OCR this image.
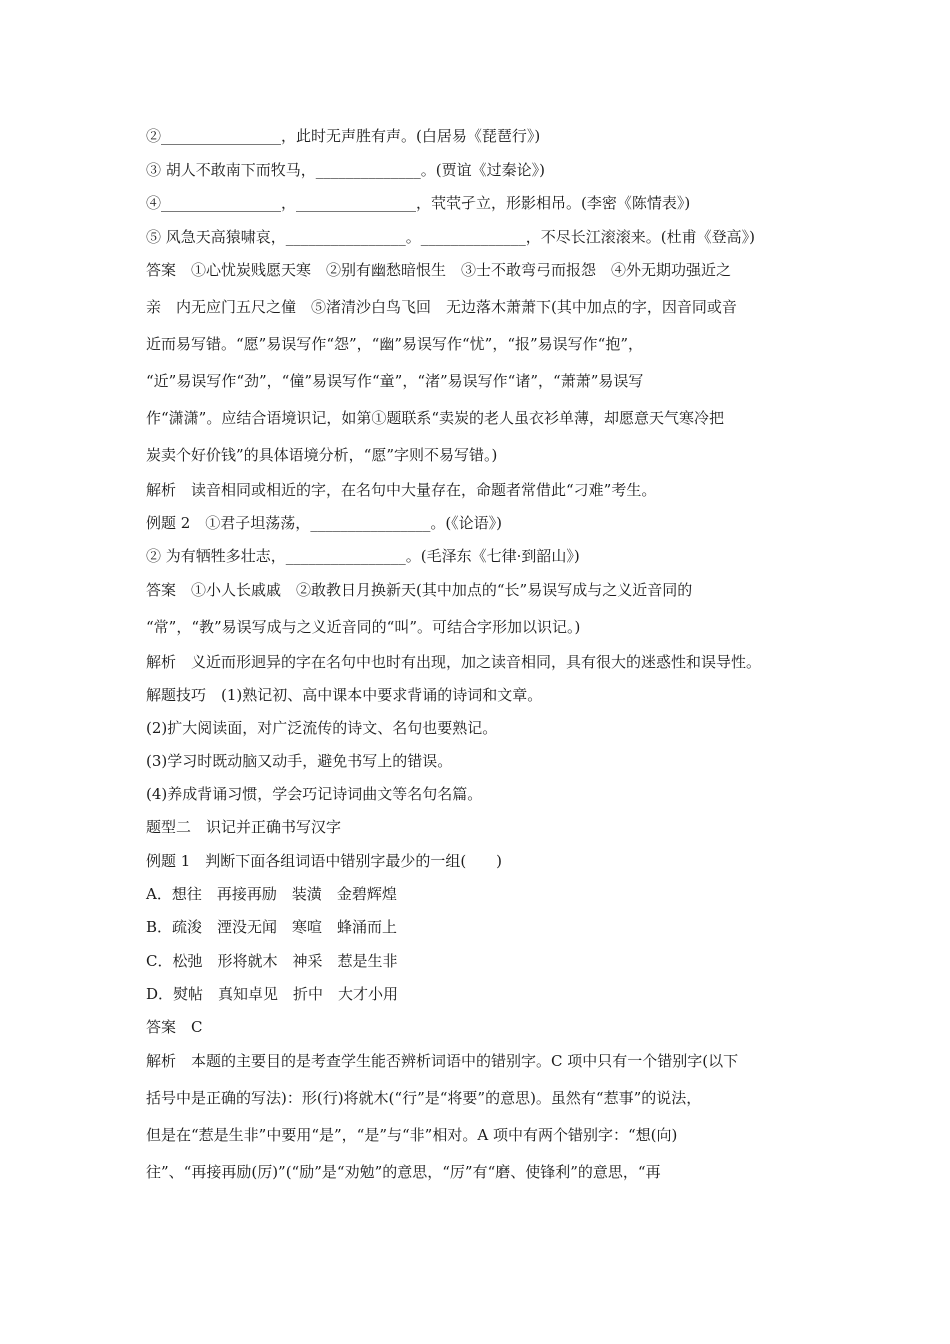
②________________，此时无声胜有声。(白居易《琵琶行》)
③ 胡人不敢南下而牧马，______________。(贾谊《过秦论》)
④________________，________________，茕茕孑立，形影相吊。(李密《陈情表》)
⑤ 风急天高猿啸哀，________________。______________，不尽长江滚滚来。(杜甫《登高》)
答案　①心忧炭贱愿天寒　②别有幽愁暗恨生　③士不敢弯弓而报怨　④外无期功强近之
亲　内无应门五尺之僮　⑤渚清沙白鸟飞回　无边落木萧萧下(其中加点的字，因音同或音
近而易写错。“愿”易误写作“怨”，“幽”易误写作“忧”，“报”易误写作“抱”，
“近”易误写作“劲”，“僮”易误写作“童”，“渚”易误写作“诸”，“萧萧”易误写
作“潇潇”。应结合语境识记，如第①题联系“卖炭的老人虽衣衫单薄，却愿意天气寒冷把
炭卖个好价钱”的具体语境分析，“愿”字则不易写错。)
解析　读音相同或相近的字，在名句中大量存在，命题者常借此“刁难”考生。
例题 2　①君子坦荡荡，________________。(《论语》)
② 为有牺牲多壮志，________________。(毛泽东《七律·到韶山》)
答案　①小人长戚戚　②敢教日月换新天(其中加点的“长”易误写成与之义近音同的
“常”，“教”易误写成与之义近音同的“叫”。可结合字形加以识记。)
解析　义近而形迥异的字在名句中也时有出现，加之读音相同，具有很大的迷惑性和误导性。
解题技巧　(1)熟记初、高中课本中要求背诵的诗词和文章。
(2)扩大阅读面，对广泛流传的诗文、名句也要熟记。
(3)学习时既动脑又动手，避免书写上的错误。
(4)养成背诵习惯，学会巧记诗词曲文等名句名篇。
题型二　识记并正确书写汉字
例题 1　判断下面各组词语中错别字最少的一组(　　)
A．想往　再接再励　装潢　金碧辉煌
B．疏浚　湮没无闻　寒喧　蜂涌而上
C．松弛　形将就木　神采　惹是生非
D．熨帖　真知卓见　折中　大才小用
答案　C
解析　本题的主要目的是考查学生能否辨析词语中的错别字。C 项中只有一个错别字(以下
括号中是正确的写法)：形(行)将就木(“行”是“将要”的意思)。虽然有“惹事”的说法，
但是在“惹是生非”中要用“是”，“是”与“非”相对。A 项中有两个错别字：“想(向)
往”、“再接再励(厉)”(“励”是“劝勉”的意思，“厉”有“磨、使锋利”的意思，“再
